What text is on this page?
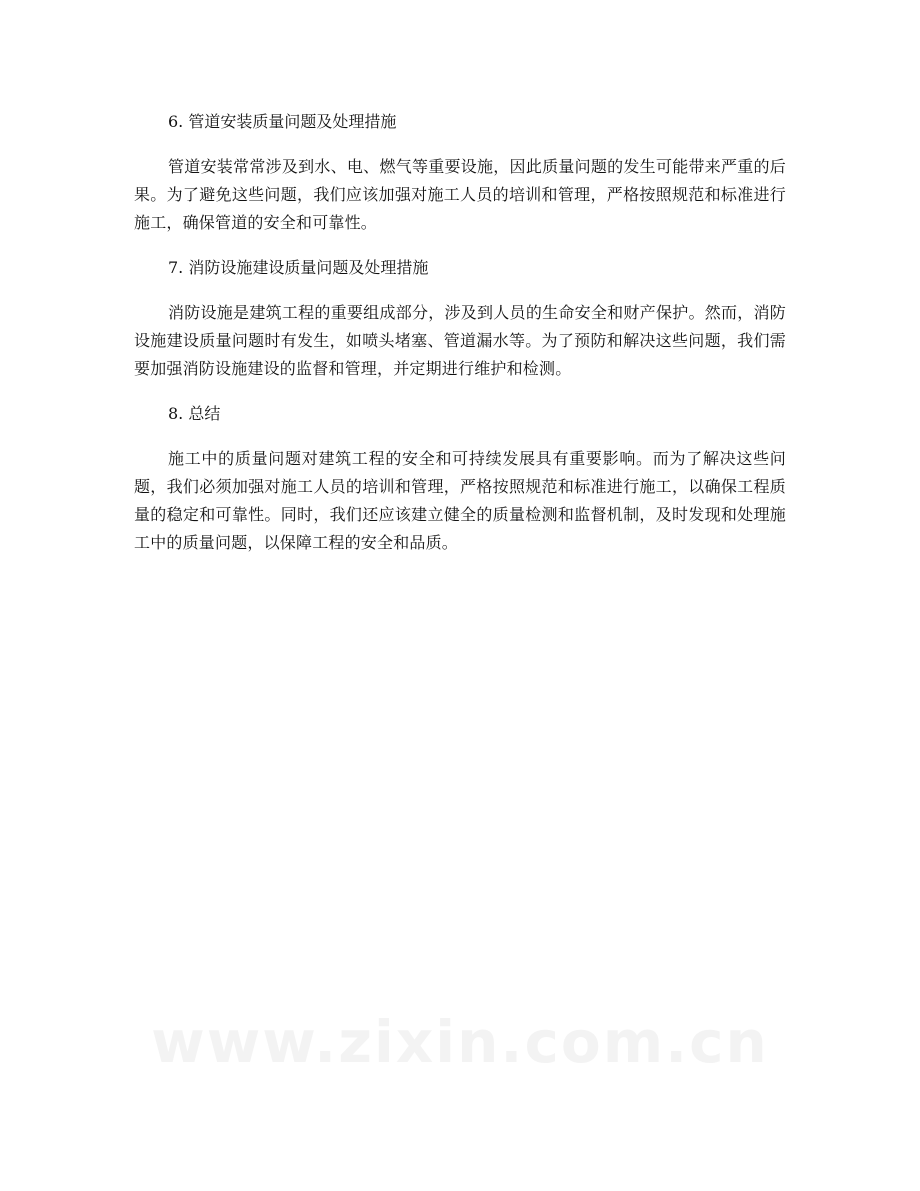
6. 管道安装质量问题及处理措施

管道安装常常涉及到水、电、燃气等重要设施，因此质量问题的发生可能带来严重的后果。为了避免这些问题，我们应该加强对施工人员的培训和管理，严格按照规范和标准进行施工，确保管道的安全和可靠性。

7. 消防设施建设质量问题及处理措施

消防设施是建筑工程的重要组成部分，涉及到人员的生命安全和财产保护。然而，消防设施建设质量问题时有发生，如喷头堵塞、管道漏水等。为了预防和解决这些问题，我们需要加强消防设施建设的监督和管理，并定期进行维护和检测。

8. 总结

施工中的质量问题对建筑工程的安全和可持续发展具有重要影响。而为了解决这些问题，我们必须加强对施工人员的培训和管理，严格按照规范和标准进行施工，以确保工程质量的稳定和可靠性。同时，我们还应该建立健全的质量检测和监督机制，及时发现和处理施工中的质量问题，以保障工程的安全和品质。

www.zixin.com.cn
